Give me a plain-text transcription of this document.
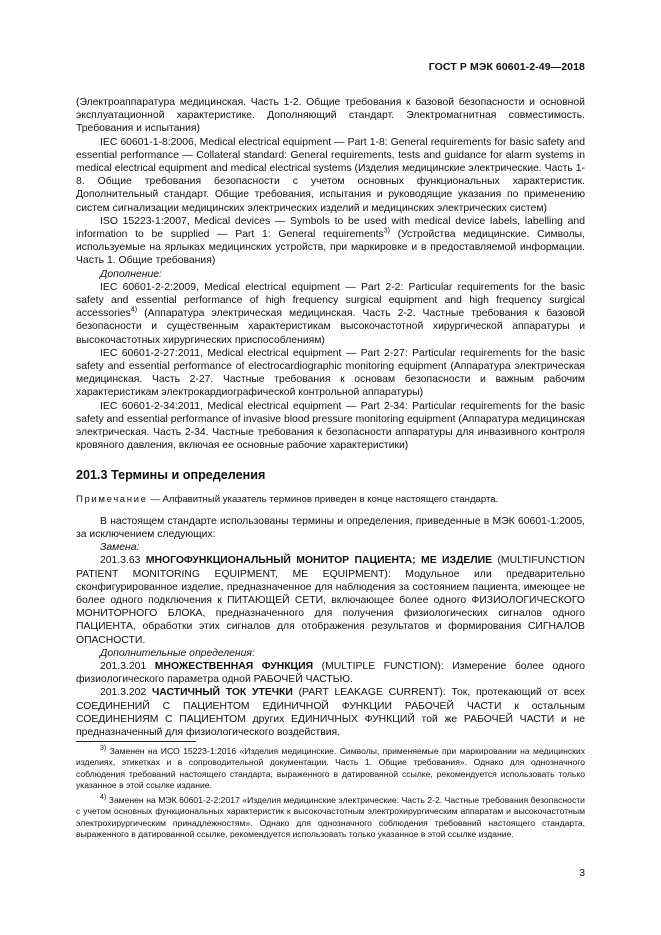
ГОСТ Р МЭК 60601-2-49—2018

(Электроаппаратура медицинская. Часть 1-2. Общие требования к базовой безопасности и основной эксплуатационной характеристике. Дополняющий стандарт. Электромагнитная совместимость. Требования и испытания)

IEC 60601-1-8:2006, Medical electrical equipment — Part 1-8: General requirements for basic safety and essential performance — Collateral standard: General requirements, tests and guidance for alarm systems in medical electrical equipment and medical electrical systems (Изделия медицинские электрические. Часть 1-8. Общие требования безопасности с учетом основных функциональных характеристик. Дополнительный стандарт. Общие требования, испытания и руководящие указания по применению систем сигнализации медицинских электрических изделий и медицинских электрических систем)

ISO 15223-1:2007, Medical devices — Symbols to be used with medical device labels, labelling and information to be supplied — Part 1: General requirements$^{3)}$ (Устройства медицинские. Символы, используемые на ярлыках медицинских устройств, при маркировке и в предоставляемой информации. Часть 1. Общие требования)

Дополнение:

IEC 60601-2-2:2009, Medical electrical equipment — Part 2-2: Particular requirements for the basic safety and essential performance of high frequency surgical equipment and high frequency surgical accessories$^{4)}$ (Аппаратура электрическая медицинская. Часть 2-2. Частные требования к базовой безопасности и существенным характеристикам высокочастотной хирургической аппаратуры и высокочастотных хирургических приспособлениям)

IEC 60601-2-27:2011, Medical electrical equipment — Part 2-27: Particular requirements for the basic safety and essential performance of electrocardiographic monitoring equipment (Аппаратура электрическая медицинская. Часть 2-27. Частные требования к основам безопасности и важным рабочим характеристикам электрокардиографической контрольной аппаратуры)

IEC 60601-2-34:2011, Medical electrical equipment — Part 2-34: Particular requirements for the basic safety and essential performance of invasive blood pressure monitoring equipment (Аппаратура медицинская электрическая. Часть 2-34. Частные требования к безопасности аппаратуры для инвазивного контроля кровяного давления, включая ее основные рабочие характеристики)

201.3 Термины и определения

Примечание — Алфавитный указатель терминов приведен в конце настоящего стандарта.

В настоящем стандарте использованы термины и определения, приведенные в МЭК 60601-1:2005, за исключением следующих:

Замена:

201.3.63 МНОГОФУНКЦИОНАЛЬНЫЙ МОНИТОР ПАЦИЕНТА; ME ИЗДЕЛИЕ (MULTIFUNCTION PATIENT MONITORING EQUIPMENT, ME EQUIPMENT): Модульное или предварительно сконфигурированное изделие, предназначенное для наблюдения за состоянием пациента, имеющее не более одного подключения к ПИТАЮЩЕЙ СЕТИ, включающее более одного ФИЗИОЛОГИЧЕСКОГО МОНИТОРНОГО БЛОКА, предназначенного для получения физиологических сигналов одного ПАЦИЕНТА, обработки этих сигналов для отображения результатов и формирования СИГНАЛОВ ОПАСНОСТИ.

Дополнительные определения:

201.3.201 МНОЖЕСТВЕННАЯ ФУНКЦИЯ (MULTIPLE FUNCTION): Измерение более одного физиологического параметра одной РАБОЧЕЙ ЧАСТЬЮ.

201.3.202 ЧАСТИЧНЫЙ ТОК УТЕЧКИ (PART LEAKAGE CURRENT): Ток, протекающий от всех СОЕДИНЕНИЙ С ПАЦИЕНТОМ ЕДИНИЧНОЙ ФУНКЦИИ РАБОЧЕЙ ЧАСТИ к остальным СОЕДИНЕНИЯМ С ПАЦИЕНТОМ других ЕДИНИЧНЫХ ФУНКЦИЙ той же РАБОЧЕЙ ЧАСТИ и не предназначенный для физиологического воздействия.

$^{3)}$ Заменен на ИСО 15223-1:2016 «Изделия медицинские. Символы, применяемые при маркировании на медицинских изделиях, этикетках и в сопроводительной документации. Часть 1. Общие требования». Однако для однозначного соблюдения требований настоящего стандарта, выраженного в датированной ссылке, рекомендуется использовать только указанное в этой ссылке издание.

$^{4)}$ Заменен на МЭК 60601-2-2:2017 «Изделия медицинские электрические. Часть 2-2. Частные требования безопасности с учетом основных функциональных характеристик к высокочастотным электрохирургическим аппаратам и высокочастотным электрохирургическим принадлежностям». Однако для однозначного соблюдения требований настоящего стандарта, выраженного в датированной ссылке, рекомендуется использовать только указанное в этой ссылке издание.

3
